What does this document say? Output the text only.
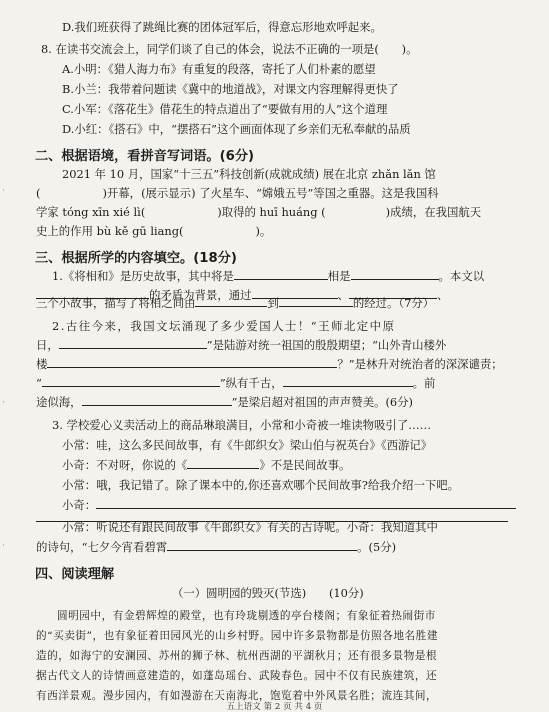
·
·
·
D.我们班获得了跳绳比赛的团体冠军后，得意忘形地欢呼起来。
8. 在读书交流会上，同学们谈了自己的体会，说法不正确的一项是(　　)。
A.小明：《猎人海力布》有重复的段落，寄托了人们朴素的愿望
B.小兰：我带着问题读《冀中的地道战》，对课文内容理解得更快了
C.小军：《落花生》借花生的特点道出了“要做有用的人”这个道理
D.小红：《搭石》中，“摆搭石”这个画面体现了乡亲们无私奉献的品质
二、根据语境，看拼音写词语。(6分)
2021 年 10 月，国家“十三五”科技创新(成就成绩) 展在北京 zhǎn lǎn 馆
(	)开幕，(展示显示) 了火星车、“嫦娥五号”等国之重器。这是我国科
学家 tóng xīn xié lì(	)取得的 huī huáng (	)成绩，在我国航天
史上的作用 bù kě gū liang(	)。
三、根据所学的内容填空。(18分)
1.《将相和》是历史故事，其中将是	相是	。本文以
的矛盾为背景，通过	、	、
三个小故事，描写了将相之间由	到	的经过。（7分）
2.古往今来，我国文坛涌现了多少爱国人士！“王师北定中原
日，	”是陆游对统一祖国的殷殷期望；“山外青山楼外
楼	？”是林升对统治者的深深谴责；
“	”纵有千古，	。前
途似海，	”是梁启超对祖国的声声赞美。(6分)
3. 学校爱心义卖活动上的商品琳琅满目，小常和小奇被一堆读物吸引了……
小常：哇，这么多民间故事，有《牛郎织女》梁山伯与祝英台》《西游记》
小奇：不对呀，你说的《	》不是民间故事。
小常：哦，我记错了。除了课本中的,你还喜欢哪个民间故事?给我介绍一下吧。
小奇：
小常：听说还有跟民间故事《牛郎织女》有关的古诗呢。小奇：我知道其中
的诗句，“七夕今宵看碧霄	。(5分)
四、阅读理解
（一）圆明园的毁灭(节选)　　(10分)
圆明园中，有金碧辉煌的殿堂，也有玲珑剔透的亭台楼阁；有象征着热闹街市
的“买卖街”，也有象征着田园风光的山乡村野。园中许多景物都是仿照各地名胜建
造的，如海宁的安澜园、苏州的狮子林、杭州西湖的平湖秋月；还有很多景物是根
据古代文人的诗情画意建造的，如蓬岛瑶台、武陵春色。园中不仅有民族建筑，还
有西洋景观。漫步园内，有如漫游在天南海北，饱览着中外风景名胜；流连其间，
五上语文 第 2 页 共 4 页
